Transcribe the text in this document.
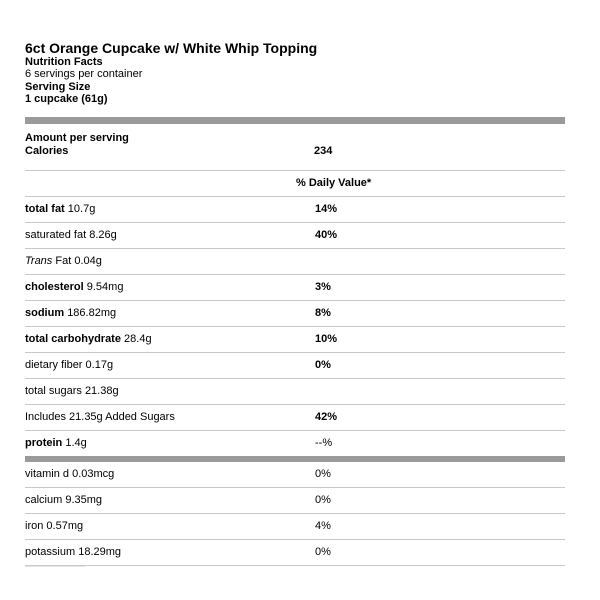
6ct Orange Cupcake w/ White Whip Topping
Nutrition Facts
6 servings per container
Serving Size
1 cupcake (61g)
Amount per serving
Calories	234
% Daily Value*
total fat 10.7g	14%
saturated fat 8.26g	40%
Trans Fat 0.04g
cholesterol 9.54mg	3%
sodium 186.82mg	8%
total carbohydrate 28.4g	10%
dietary fiber 0.17g	0%
total sugars 21.38g
Includes 21.35g Added Sugars	42%
protein 1.4g	--%
vitamin d 0.03mcg	0%
calcium 9.35mg	0%
iron 0.57mg	4%
potassium 18.29mg	0%
